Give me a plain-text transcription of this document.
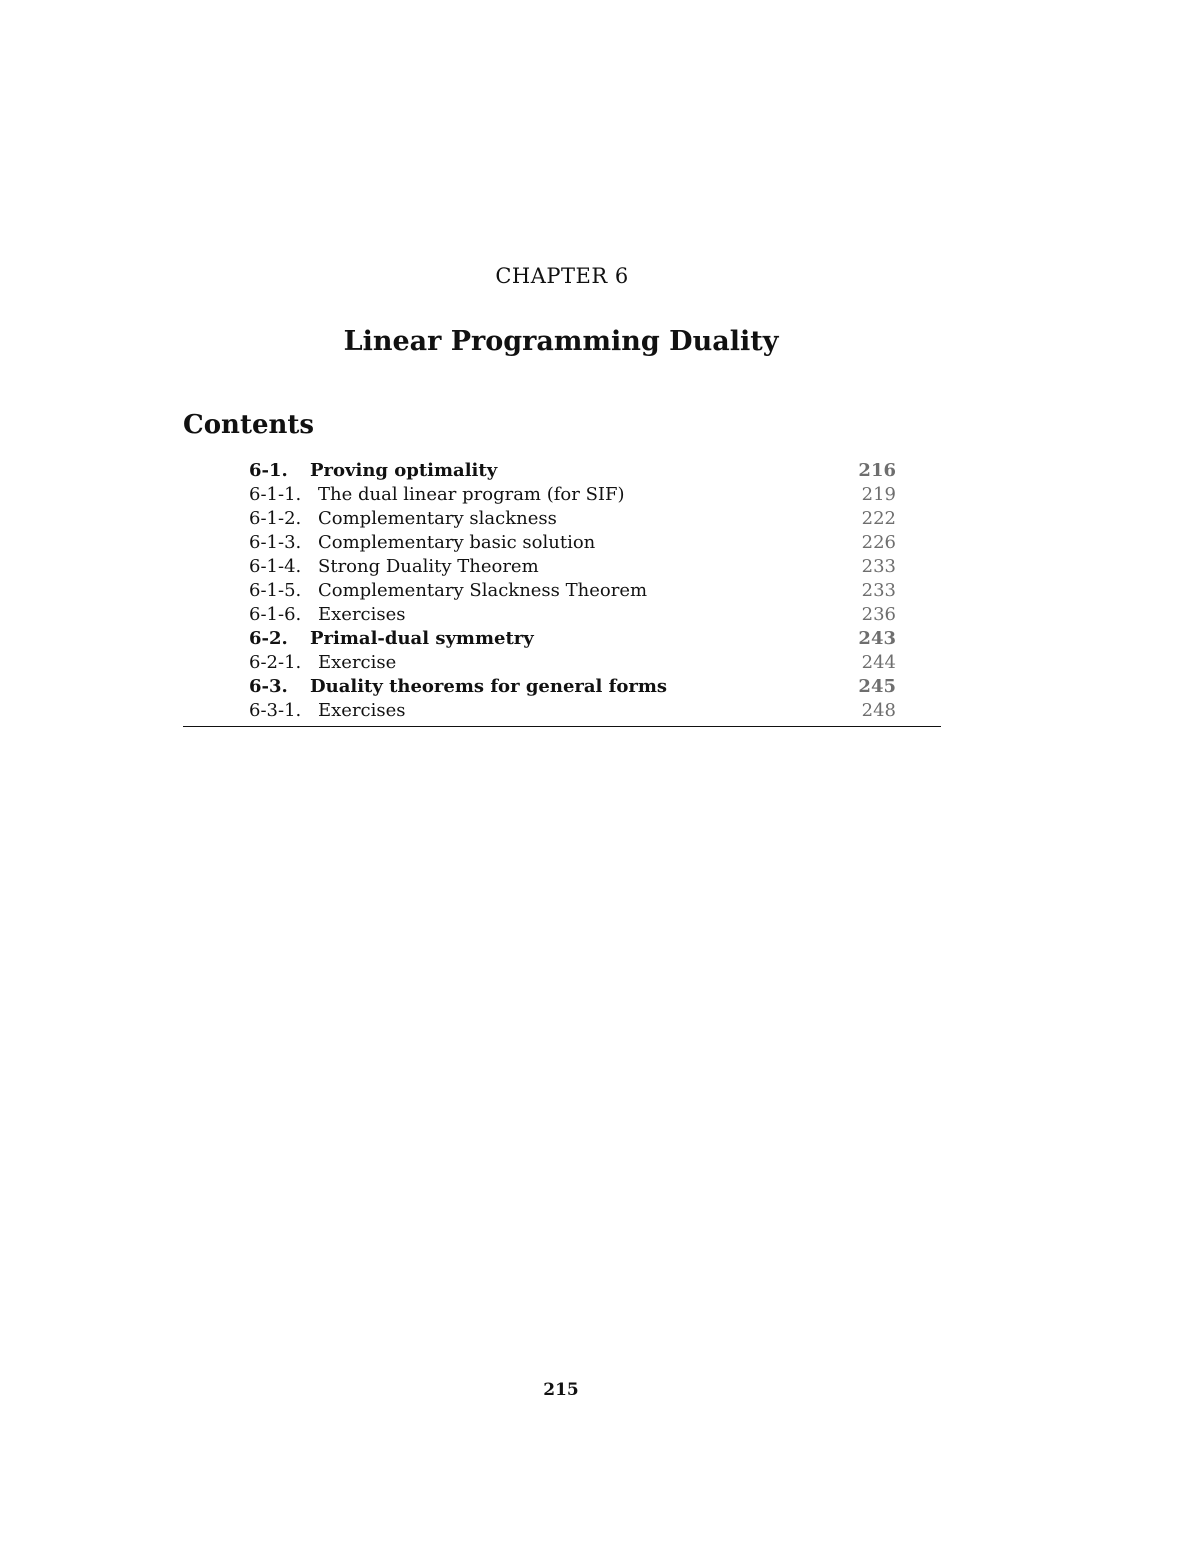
CHAPTER 6
Linear Programming Duality
Contents
6-1. Proving optimality	216
6-1-1. The dual linear program (for SIF)	219
6-1-2. Complementary slackness	222
6-1-3. Complementary basic solution	226
6-1-4. Strong Duality Theorem	233
6-1-5. Complementary Slackness Theorem	233
6-1-6. Exercises	236
6-2. Primal-dual symmetry	243
6-2-1. Exercise	244
6-3. Duality theorems for general forms	245
6-3-1. Exercises	248
215
